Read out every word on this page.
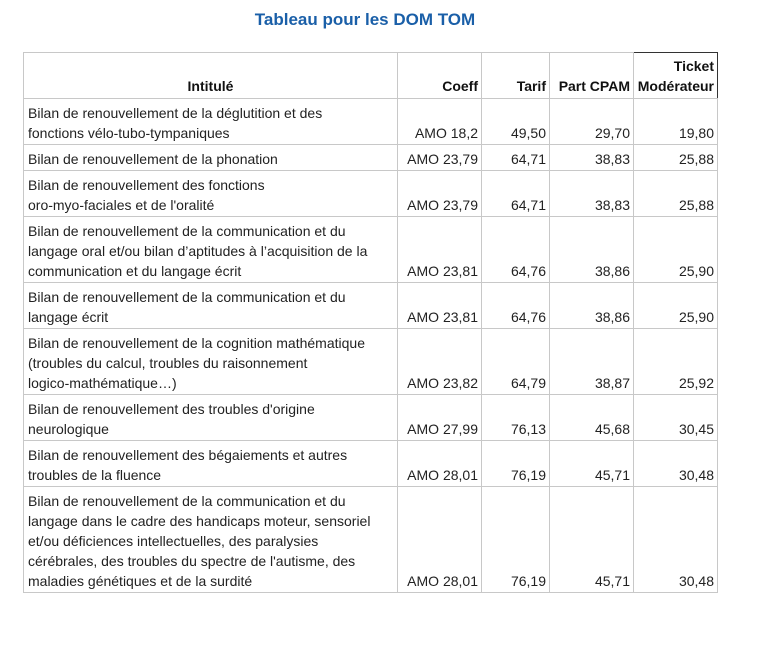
Tableau pour les DOM TOM
Intitulé	Coeff	Tarif	Part CPAM	Ticket
Modérateur
Bilan de renouvellement de la déglutition et des
fonctions vélo-tubo-tympaniques	AMO 18,2	49,50	29,70	19,80
Bilan de renouvellement de la phonation	AMO 23,79	64,71	38,83	25,88
Bilan de renouvellement des fonctions
oro-myo-faciales et de l'oralité	AMO 23,79	64,71	38,83	25,88
Bilan de renouvellement de la communication et du
langage oral et/ou bilan d’aptitudes à l’acquisition de la
communication et du langage écrit	AMO 23,81	64,76	38,86	25,90
Bilan de renouvellement de la communication et du
langage écrit	AMO 23,81	64,76	38,86	25,90
Bilan de renouvellement de la cognition mathématique
(troubles du calcul, troubles du raisonnement
logico-mathématique…)	AMO 23,82	64,79	38,87	25,92
Bilan de renouvellement des troubles d'origine
neurologique	AMO 27,99	76,13	45,68	30,45
Bilan de renouvellement des bégaiements et autres
troubles de la fluence	AMO 28,01	76,19	45,71	30,48
Bilan de renouvellement de la communication et du
langage dans le cadre des handicaps moteur, sensoriel
et/ou déficiences intellectuelles, des paralysies
cérébrales, des troubles du spectre de l'autisme, des
maladies génétiques et de la surdité	AMO 28,01	76,19	45,71	30,48
